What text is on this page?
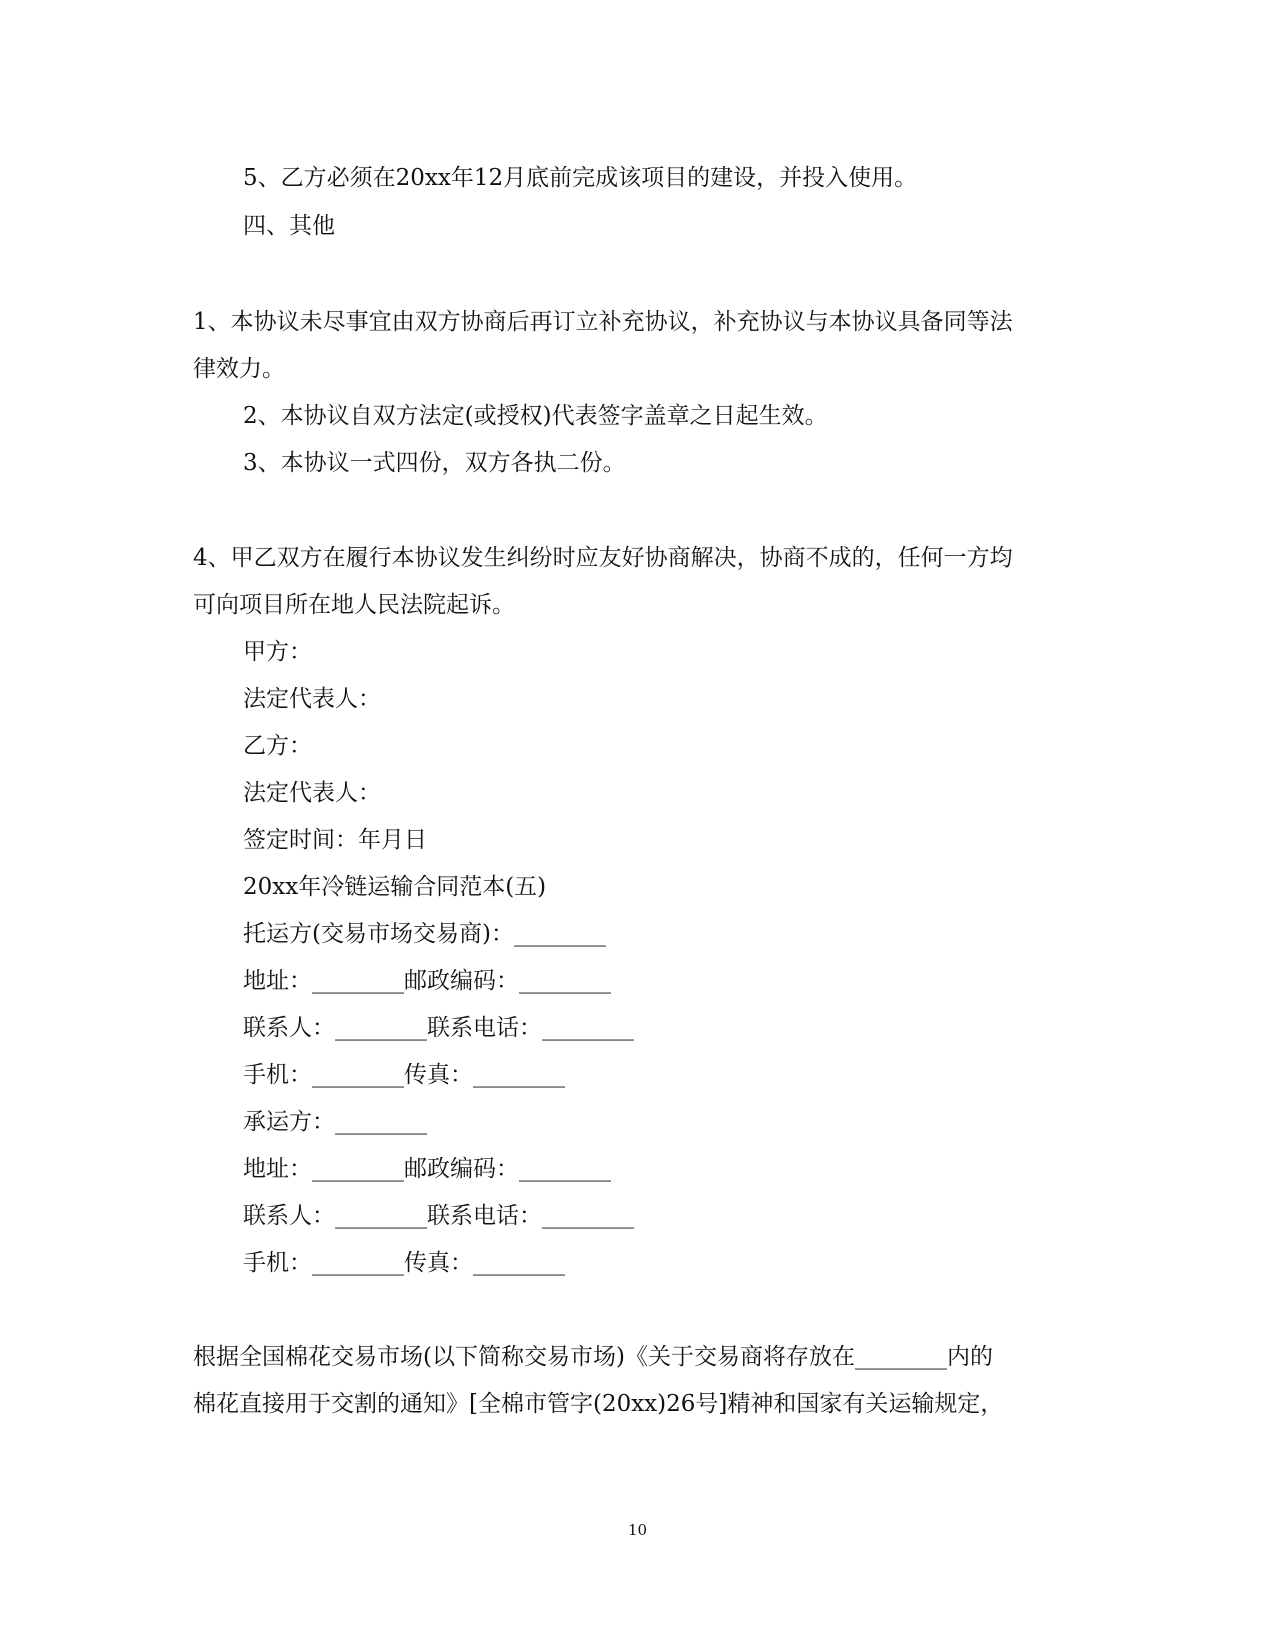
5、乙方必须在20xx年12月底前完成该项目的建设，并投入使用。
四、其他
1、本协议未尽事宜由双方协商后再订立补充协议，补充协议与本协议具备同等法
律效力。
2、本协议自双方法定(或授权)代表签字盖章之日起生效。
3、本协议一式四份，双方各执二份。
4、甲乙双方在履行本协议发生纠纷时应友好协商解决，协商不成的，任何一方均
可向项目所在地人民法院起诉。
甲方：
法定代表人：
乙方：
法定代表人：
签定时间：年月日
20xx年冷链运输合同范本(五)
托运方(交易市场交易商)：________
地址：________邮政编码：________
联系人：________联系电话：________
手机：________传真：________
承运方：________
地址：________邮政编码：________
联系人：________联系电话：________
手机：________传真：________
根据全国棉花交易市场(以下简称交易市场)《关于交易商将存放在________内的
棉花直接用于交割的通知》[全棉市管字(20xx)26号]精神和国家有关运输规定，
10
